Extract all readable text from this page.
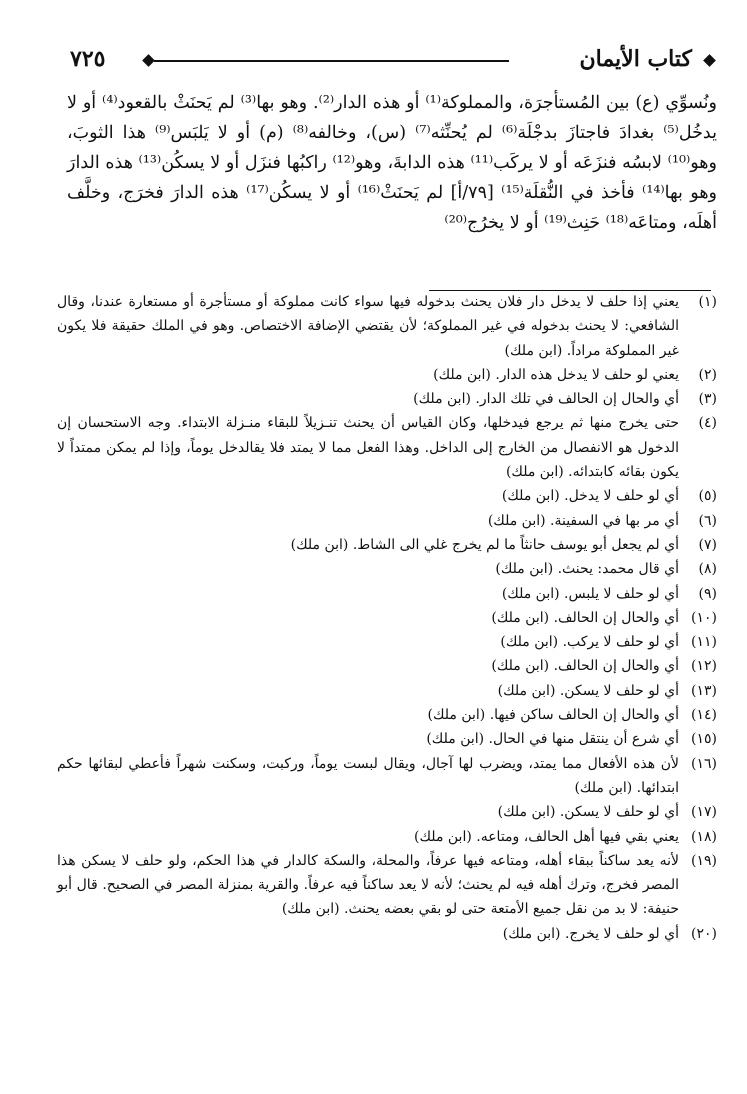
كتاب الأيمان
٧٢٥

ونُسوِّي (ع) بين المُستأجرَة، والمملوكة⁽¹⁾ أو هذه الدار⁽²⁾. وهو بها⁽³⁾ لم يَحنَثْ بالقعود⁽⁴⁾ أو لا يدخُل⁽⁵⁾ بغدادَ فاجتازَ بدجْلَة⁽⁶⁾ لم يُحنِّثه⁽⁷⁾ (س)، وخالفه⁽⁸⁾ (م) أو لا يَلبَس⁽⁹⁾ هذا الثوبَ، وهو⁽¹⁰⁾ لابسُه فنزَعَه أو لا يركَب⁽¹¹⁾ هذه الدابةَ، وهو⁽¹²⁾ راكبُها فنزَل أو لا يسكُن⁽¹³⁾ هذه الدارَ وهو بها⁽¹⁴⁾ فأخذ في النُّقلَة⁽¹⁵⁾ [٧٩/أ] لم يَحنَثْ⁽¹⁶⁾ أو لا يسكُن⁽¹⁷⁾ هذه الدارَ فخرَج، وخلَّف أهلَه، ومتاعَه⁽¹⁸⁾ حَنِث⁽¹⁹⁾ أو لا يخرُج⁽²⁰⁾

(١)
يعني إذا حلف لا يدخل دار فلان يحنث بدخوله فيها سواء كانت مملوكة أو مستأجرة أو مستعارة عندنا، وقال الشافعي: لا يحنث بدخوله في غير المملوكة؛ لأن يقتضي الإضافة الاختصاص. وهو في الملك حقيقة فلا يكون غير المملوكة مراداً. (ابن ملك)
(٢)
يعني لو حلف لا يدخل هذه الدار. (ابن ملك)
(٣)
أي والحال إن الحالف في تلك الدار. (ابن ملك)
(٤)
حتى يخرج منها ثم يرجع فيدخلها، وكان القياس أن يحنث تنـزيلاً للبقاء منـزلة الابتداء. وجه الاستحسان إن الدخول هو الانفصال من الخارج إلى الداخل. وهذا الفعل مما لا يمتد فلا يقالدخل يوماً، وإذا لم يمكن ممتداً لا يكون بقائه كابتدائه. (ابن ملك)
(٥)
أي لو حلف لا يدخل. (ابن ملك)
(٦)
أي مر بها في السفينة. (ابن ملك)
(٧)
أي لم يجعل أبو يوسف حانثاً ما لم يخرج غلي الى الشاط. (ابن ملك)
(٨)
أي قال محمد: يحنث. (ابن ملك)
(٩)
أي لو حلف لا يلبس. (ابن ملك)
(١٠)
أي والحال إن الحالف. (ابن ملك)
(١١)
أي لو حلف لا يركب. (ابن ملك)
(١٢)
أي والحال إن الحالف. (ابن ملك)
(١٣)
أي لو حلف لا يسكن. (ابن ملك)
(١٤)
أي والحال إن الحالف ساكن فيها. (ابن ملك)
(١٥)
أي شرع أن ينتقل منها في الحال. (ابن ملك)
(١٦)
لأن هذه الأفعال مما يمتد، ويضرب لها آجال، ويقال لبست يوماً، وركبت، وسكنت شهراً فأعطي لبقائها حكم ابتدائها. (ابن ملك)
(١٧)
أي لو حلف لا يسكن. (ابن ملك)
(١٨)
يعني بقي فيها أهل الحالف، ومتاعه. (ابن ملك)
(١٩)
لأنه يعد ساكناً ببقاء أهله، ومتاعه فيها عرفاً، والمحلة، والسكة كالدار في هذا الحكم، ولو حلف لا يسكن هذا المصر فخرج، وترك أهله فيه لم يحنث؛ لأنه لا يعد ساكناً فيه عرفاً. والقرية بمنزلة المصر في الصحيح. قال أبو حنيفة: لا بد من نقل جميع الأمتعة حتى لو بقي بعضه يحنث. (ابن ملك)
(٢٠)
أي لو حلف لا يخرج. (ابن ملك)
